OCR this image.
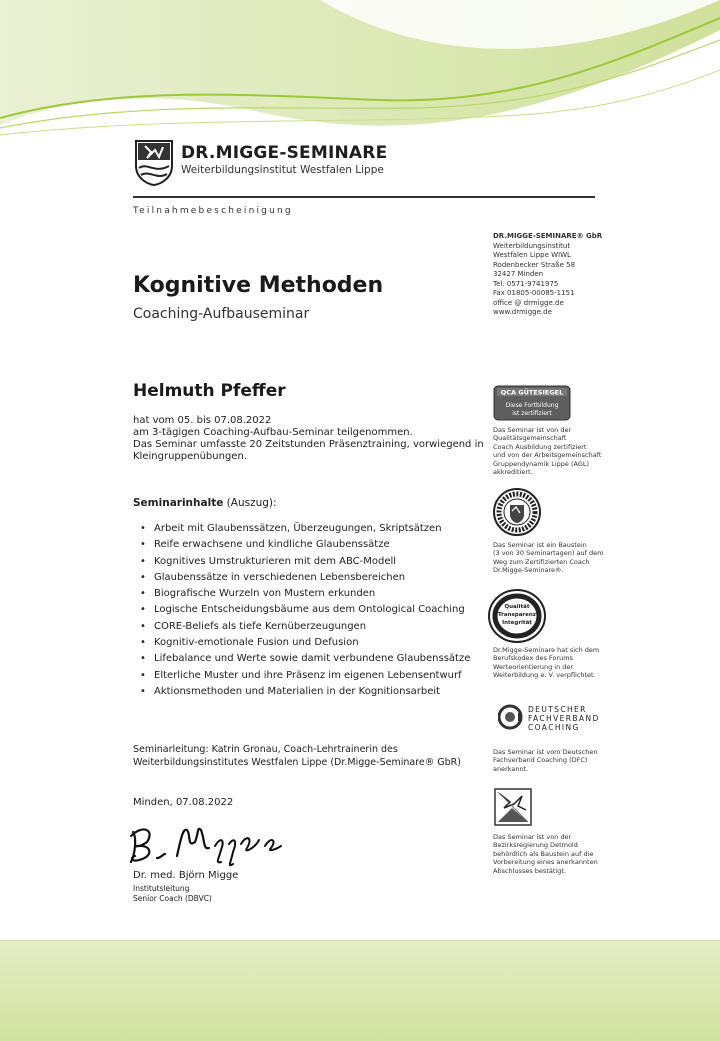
DR.MIGGE-SEMINARE
Weiterbildungsinstitut Westfalen Lippe
Teilnahmebescheinigung
DR.MIGGE-SEMINARE® GbR
Weiterbildungsinstitut
Westfalen Lippe WIWL
Rodenbecker Straße 58
32427 Minden
Tel. 0571-9741975
Fax 01805-00085-1151
office @ drmigge.de
www.drmigge.de
Kognitive Methoden
Coaching-Aufbauseminar
Helmuth Pfeffer
hat vom 05. bis 07.08.2022
am 3-tägigen Coaching-Aufbau-Seminar teilgenommen.
Das Seminar umfasste 20 Zeitstunden Präsenztraining, vorwiegend in
Kleingruppenübungen.
Seminarinhalte (Auszug):
• Arbeit mit Glaubenssätzen, Überzeugungen, Skriptsätzen
• Reife erwachsene und kindliche Glaubenssätze
• Kognitives Umstrukturieren mit dem ABC-Modell
• Glaubenssätze in verschiedenen Lebensbereichen
• Biografische Wurzeln von Mustern erkunden
• Logische Entscheidungsbäume aus dem Ontological Coaching
• CORE-Beliefs als tiefe Kernüberzeugungen
• Kognitiv-emotionale Fusion und Defusion
• Lifebalance und Werte sowie damit verbundene Glaubenssätze
• Elterliche Muster und ihre Präsenz im eigenen Lebensentwurf
• Aktionsmethoden und Materialien in der Kognitionsarbeit
Seminarleitung: Katrin Gronau, Coach-Lehrtrainerin des
Weiterbildungsinstitutes Westfalen Lippe (Dr.Migge-Seminare® GbR)
Minden, 07.08.2022
Dr. med. Björn Migge
Institutsleitung
Senior Coach (DBVC)
QCA GÜTESIEGEL
Diese Fortbildung
ist zertifiziert
Das Seminar ist von der
Qualitätsgemeinschaft
Coach Ausbildung zertifiziert
und von der Arbeitsgemeinschaft
Gruppendynamik Lippe (AGL)
akkreditiert.
Das Seminar ist ein Baustein
(3 von 30 Seminartagen) auf dem
Weg zum Zertifizierten Coach
Dr.Migge-Seminare®.
Qualität
Transparenz
Integrität
Dr.Migge-Seminare hat sich dem
Berufskodex des Forums
Werteorientierung in der
Weiterbildung e. V. verpflichtet.
DEUTSCHER
FACHVERBAND
COACHING
Das Seminar ist vom Deutschen
Fachverband Coaching (DFC)
anerkannt.
Das Seminar ist von der
Bezirksregierung Detmold
behördlich als Baustein auf die
Vorbereitung eines anerkannten
Abschlusses bestätigt.
